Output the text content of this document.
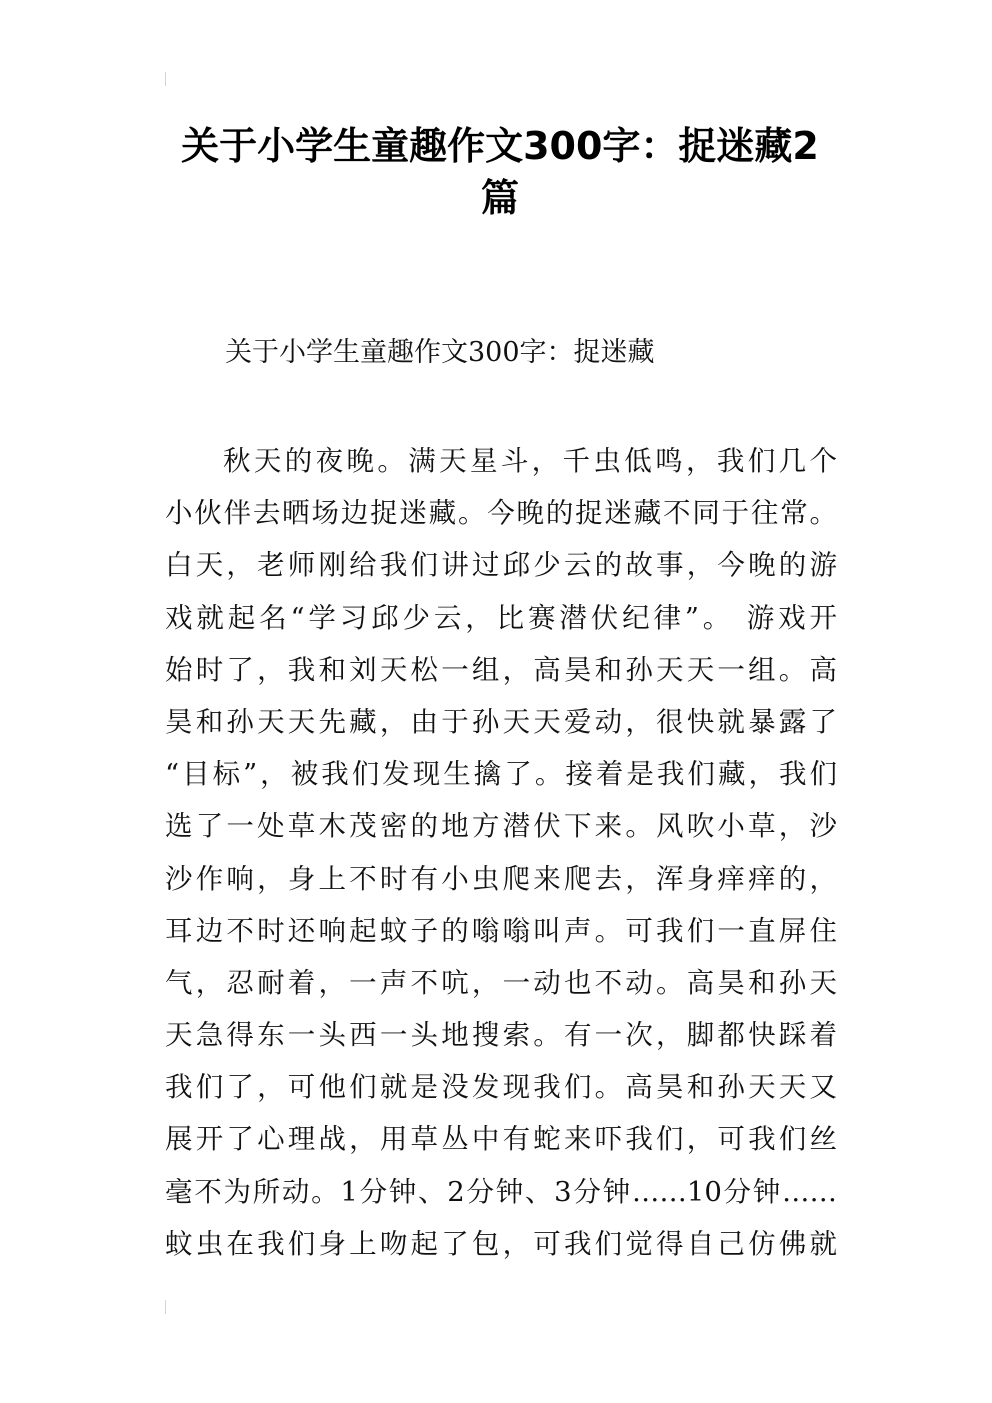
关于小学生童趣作文300字：捉迷藏2
篇
关于小学生童趣作文300字：捉迷藏
秋天的夜晚。满天星斗，千虫低鸣，我们几个
小伙伴去晒场边捉迷藏。今晚的捉迷藏不同于往常。
白天，老师刚给我们讲过邱少云的故事，今晚的游
戏就起名“学习邱少云，比赛潜伏纪律”。 游戏开
始时了，我和刘天松一组，高昊和孙天天一组。高
昊和孙天天先藏，由于孙天天爱动，很快就暴露了
“目标”，被我们发现生擒了。接着是我们藏，我们
选了一处草木茂密的地方潜伏下来。风吹小草，沙
沙作响，身上不时有小虫爬来爬去，浑身痒痒的，
耳边不时还响起蚊子的嗡嗡叫声。可我们一直屏住
气，忍耐着，一声不吭，一动也不动。高昊和孙天
天急得东一头西一头地搜索。有一次，脚都快踩着
我们了，可他们就是没发现我们。高昊和孙天天又
展开了心理战，用草丛中有蛇来吓我们，可我们丝
毫不为所动。1分钟、2分钟、3分钟……10分钟……
蚊虫在我们身上吻起了包，可我们觉得自己仿佛就
